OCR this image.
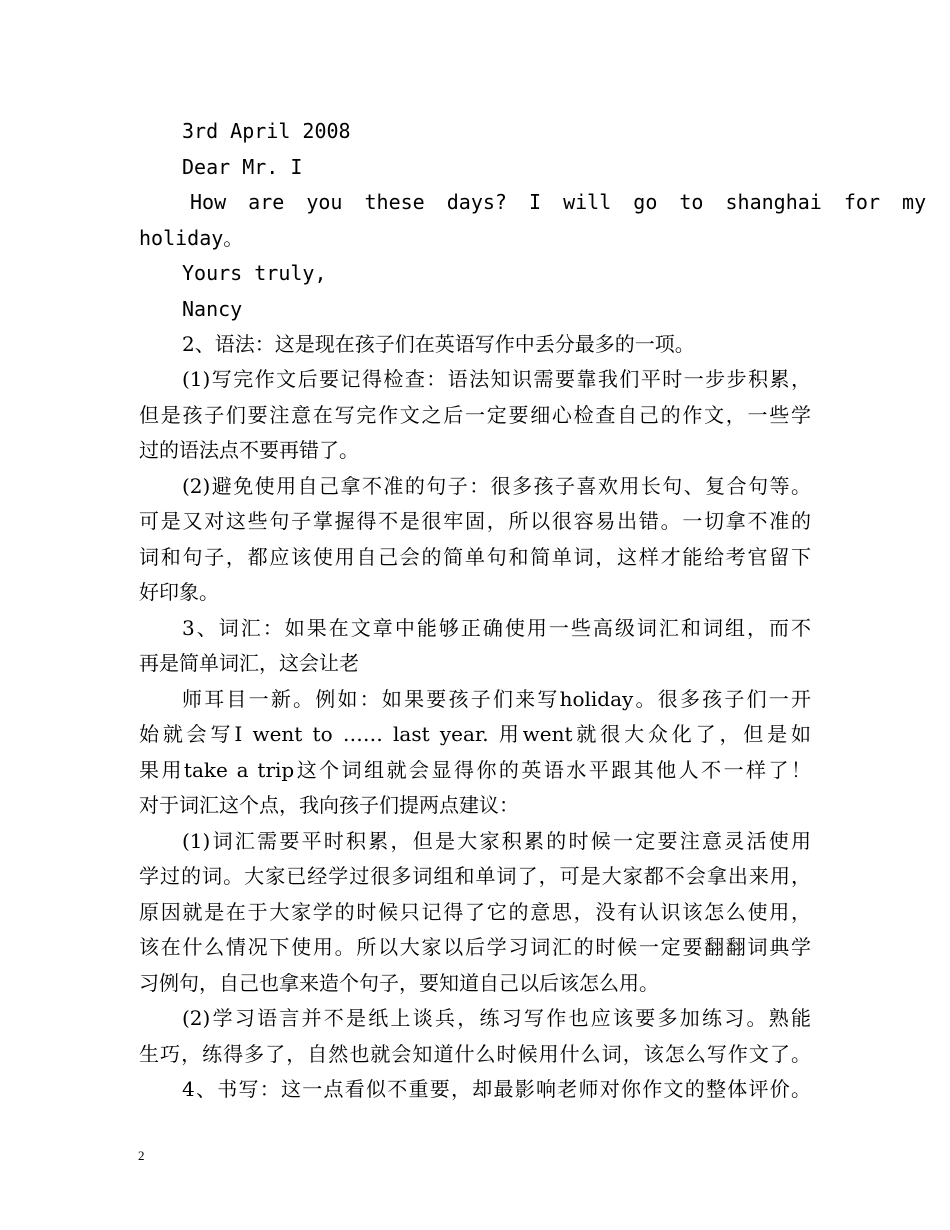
3rd April 2008
Dear Mr. I
How are you these days? I will go to shanghai for my
holiday。
Yours truly,
Nancy
2、语法：这是现在孩子们在英语写作中丢分最多的一项。
(1)写完作文后要记得检查：语法知识需要靠我们平时一步步积累，
但是孩子们要注意在写完作文之后一定要细心检查自己的作文，一些学
过的语法点不要再错了。
(2)避免使用自己拿不准的句子：很多孩子喜欢用长句、复合句等。
可是又对这些句子掌握得不是很牢固，所以很容易出错。一切拿不准的
词和句子，都应该使用自己会的简单句和简单词，这样才能给考官留下
好印象。
3、词汇：如果在文章中能够正确使用一些高级词汇和词组，而不
再是简单词汇，这会让老
师耳目一新。例如：如果要孩子们来写holiday。很多孩子们一开
始就会写I went to …… last year. 用went就很大众化了，但是如
果用take a trip这个词组就会显得你的英语水平跟其他人不一样了！
对于词汇这个点，我向孩子们提两点建议：
(1)词汇需要平时积累，但是大家积累的时候一定要注意灵活使用
学过的词。大家已经学过很多词组和单词了，可是大家都不会拿出来用，
原因就是在于大家学的时候只记得了它的意思，没有认识该怎么使用，
该在什么情况下使用。所以大家以后学习词汇的时候一定要翻翻词典学
习例句，自己也拿来造个句子，要知道自己以后该怎么用。
(2)学习语言并不是纸上谈兵，练习写作也应该要多加练习。熟能
生巧，练得多了，自然也就会知道什么时候用什么词，该怎么写作文了。
4、书写：这一点看似不重要，却最影响老师对你作文的整体评价。
2
